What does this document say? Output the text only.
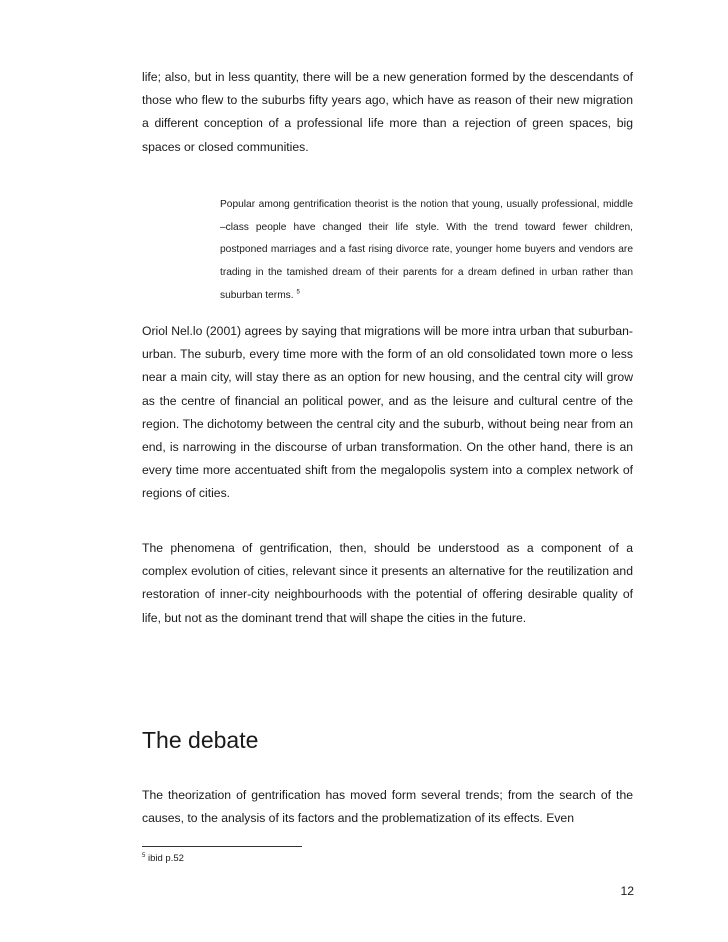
life; also, but in less quantity, there will be a new generation formed by the descendants of those who flew to the suburbs fifty years ago, which have as reason of their new migration a different conception of a professional life more than a rejection of green spaces, big spaces or closed communities.

Popular among gentrification theorist is the notion that young, usually professional, middle –class people have changed their life style. With the trend toward fewer children, postponed marriages and a fast rising divorce rate, younger home buyers and vendors are trading in the tamished dream of their parents for a dream defined in urban rather than suburban terms. $^5$

Oriol Nel.lo (2001) agrees by saying that migrations will be more intra urban that suburban-urban. The suburb, every time more with the form of an old consolidated town more o less near a main city, will stay there as an option for new housing, and the central city will grow as the centre of financial an political power, and as the leisure and cultural centre of the region. The dichotomy between the central city and the suburb, without being near from an end, is narrowing in the discourse of urban transformation. On the other hand, there is an every time more accentuated shift from the megalopolis system into a complex network of regions of cities.

The phenomena of gentrification, then, should be understood as a component of a complex evolution of cities, relevant since it presents an alternative for the reutilization and restoration of inner-city neighbourhoods with the potential of offering desirable quality of life, but not as the dominant trend that will shape the cities in the future.

The debate

The theorization of gentrification has moved form several trends; from the search of the causes, to the analysis of its factors and the problematization of its effects. Even

$^5$ ibid p.52
12
